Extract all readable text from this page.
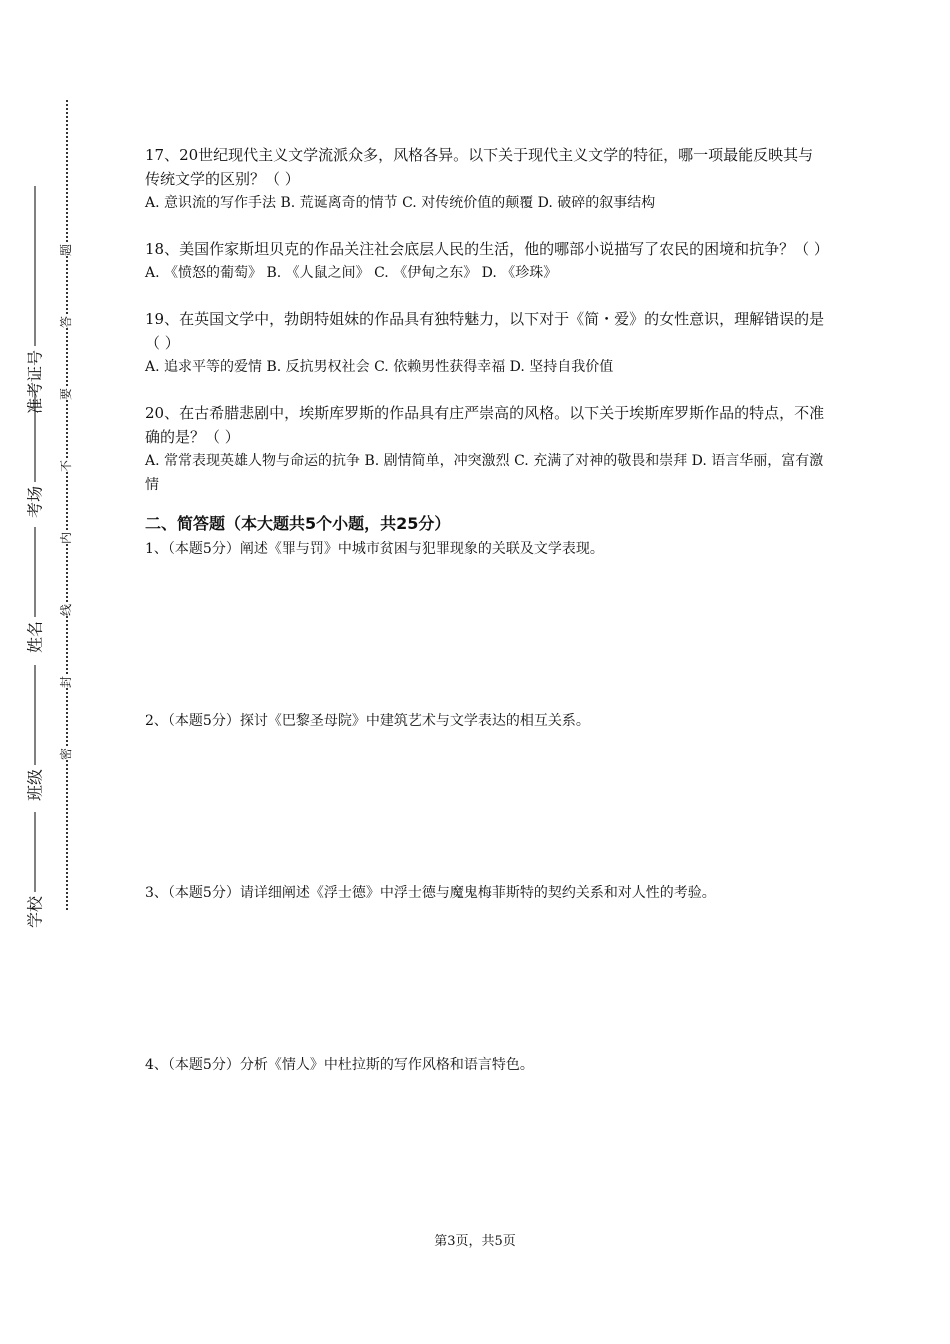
准考证号
考场
姓名
班级
学校
题
答
要
不
内
线
封
密
17、20世纪现代主义文学流派众多，风格各异。以下关于现代主义文学的特征，哪一项最能反映其与传统文学的区别？（ ）
A. 意识流的写作手法 B. 荒诞离奇的情节 C. 对传统价值的颠覆 D. 破碎的叙事结构
18、美国作家斯坦贝克的作品关注社会底层人民的生活，他的哪部小说描写了农民的困境和抗争？（ ）
A. 《愤怒的葡萄》 B. 《人鼠之间》 C. 《伊甸之东》 D. 《珍珠》
19、在英国文学中，勃朗特姐妹的作品具有独特魅力，以下对于《简・爱》的女性意识，理解错误的是（ ）
A. 追求平等的爱情 B. 反抗男权社会 C. 依赖男性获得幸福 D. 坚持自我价值
20、在古希腊悲剧中，埃斯库罗斯的作品具有庄严崇高的风格。以下关于埃斯库罗斯作品的特点，不准确的是？（ ）
A. 常常表现英雄人物与命运的抗争 B. 剧情简单，冲突激烈 C. 充满了对神的敬畏和崇拜 D. 语言华丽，富有激情
二、简答题（本大题共5个小题，共25分）
1、（本题5分）阐述《罪与罚》中城市贫困与犯罪现象的关联及文学表现。
2、（本题5分）探讨《巴黎圣母院》中建筑艺术与文学表达的相互关系。
3、（本题5分）请详细阐述《浮士德》中浮士德与魔鬼梅菲斯特的契约关系和对人性的考验。
4、（本题5分）分析《情人》中杜拉斯的写作风格和语言特色。
第3页，共5页
